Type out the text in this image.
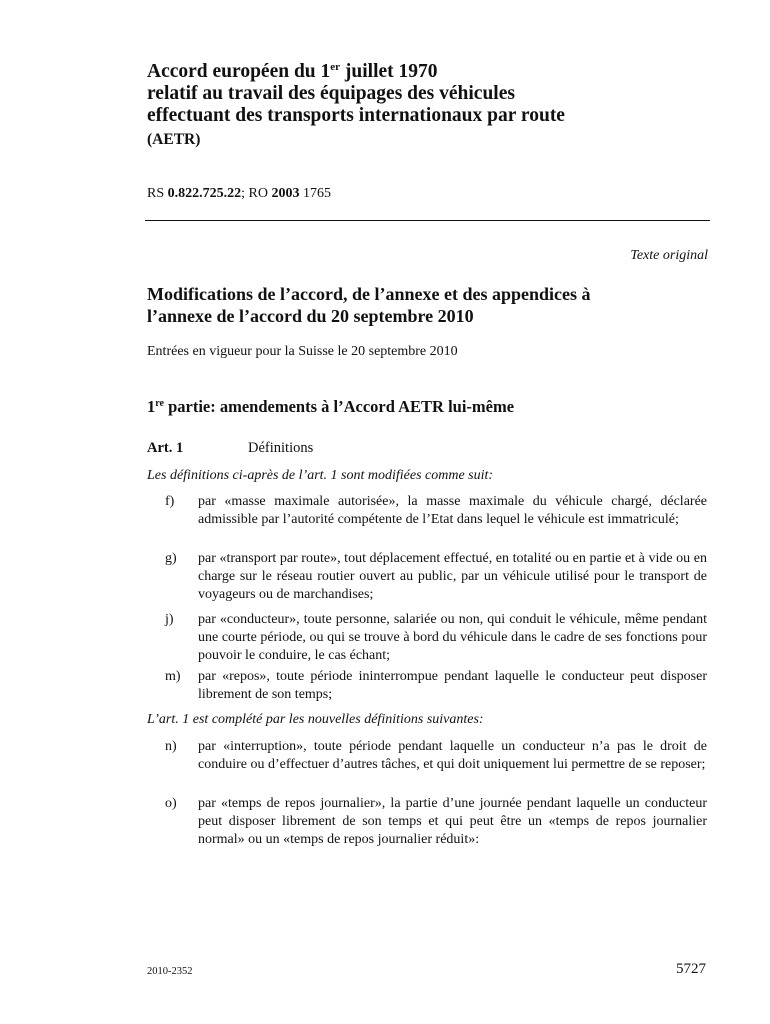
Accord européen du 1er juillet 1970
relatif au travail des équipages des véhicules
effectuant des transports internationaux par route
(AETR)
RS 0.822.725.22; RO 2003 1765
Texte original
Modifications de l’accord, de l’annexe et des appendices à
l’annexe de l’accord du 20 septembre 2010
Entrées en vigueur pour la Suisse le 20 septembre 2010
1re partie: amendements à l’Accord AETR lui-même
Art. 1	Définitions
Les définitions ci-après de l’art. 1 sont modifiées comme suit:
f) par «masse maximale autorisée», la masse maximale du véhicule chargé, déclarée admissible par l’autorité compétente de l’Etat dans lequel le véhicule est immatriculé;
g) par «transport par route», tout déplacement effectué, en totalité ou en partie et à vide ou en charge sur le réseau routier ouvert au public, par un véhicule utilisé pour le transport de voyageurs ou de marchandises;
j) par «conducteur», toute personne, salariée ou non, qui conduit le véhicule, même pendant une courte période, ou qui se trouve à bord du véhicule dans le cadre de ses fonctions pour pouvoir le conduire, le cas échant;
m) par «repos», toute période ininterrompue pendant laquelle le conducteur peut disposer librement de son temps;
L’art. 1 est complété par les nouvelles définitions suivantes:
n) par «interruption», toute période pendant laquelle un conducteur n’a pas le droit de conduire ou d’effectuer d’autres tâches, et qui doit uniquement lui permettre de se reposer;
o) par «temps de repos journalier», la partie d’une journée pendant laquelle un conducteur peut disposer librement de son temps et qui peut être un «temps de repos journalier normal» ou un «temps de repos journalier réduit»:
2010-2352	5727
